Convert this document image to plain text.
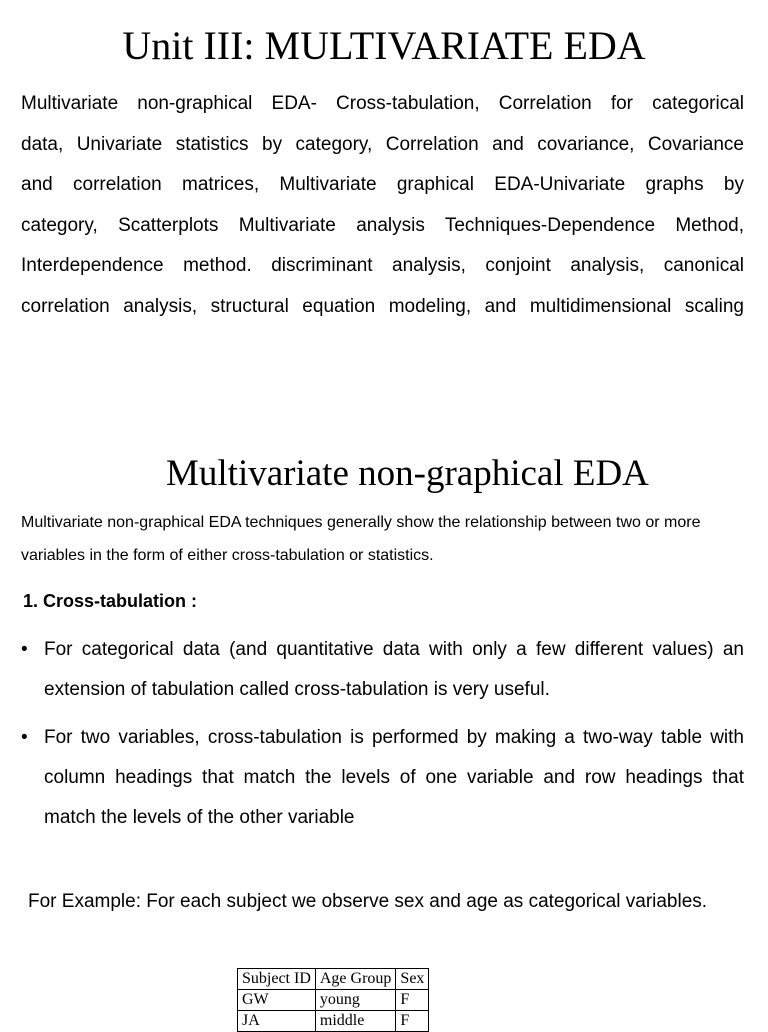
Unit III: MULTIVARIATE EDA
Multivariate non-graphical EDA- Cross-tabulation, Correlation for categorical
data, Univariate statistics by category, Correlation and covariance, Covariance
and correlation matrices, Multivariate graphical EDA-Univariate graphs by
category, Scatterplots Multivariate analysis Techniques-Dependence Method,
Interdependence method. discriminant analysis, conjoint analysis, canonical
correlation analysis, structural equation modeling, and multidimensional scaling
Multivariate non-graphical EDA
Multivariate non-graphical EDA techniques generally show the relationship between two or more variables in the form of either cross-tabulation or statistics.
1. Cross-tabulation :
• For categorical data (and quantitative data with only a few different values) an extension of tabulation called cross-tabulation is very useful.
• For two variables, cross-tabulation is performed by making a two-way table with column headings that match the levels of one variable and row headings that match the levels of the other variable
For Example: For each subject we observe sex and age as categorical variables.
Subject ID	Age Group	Sex
GW	young	F
JA	middle	F
